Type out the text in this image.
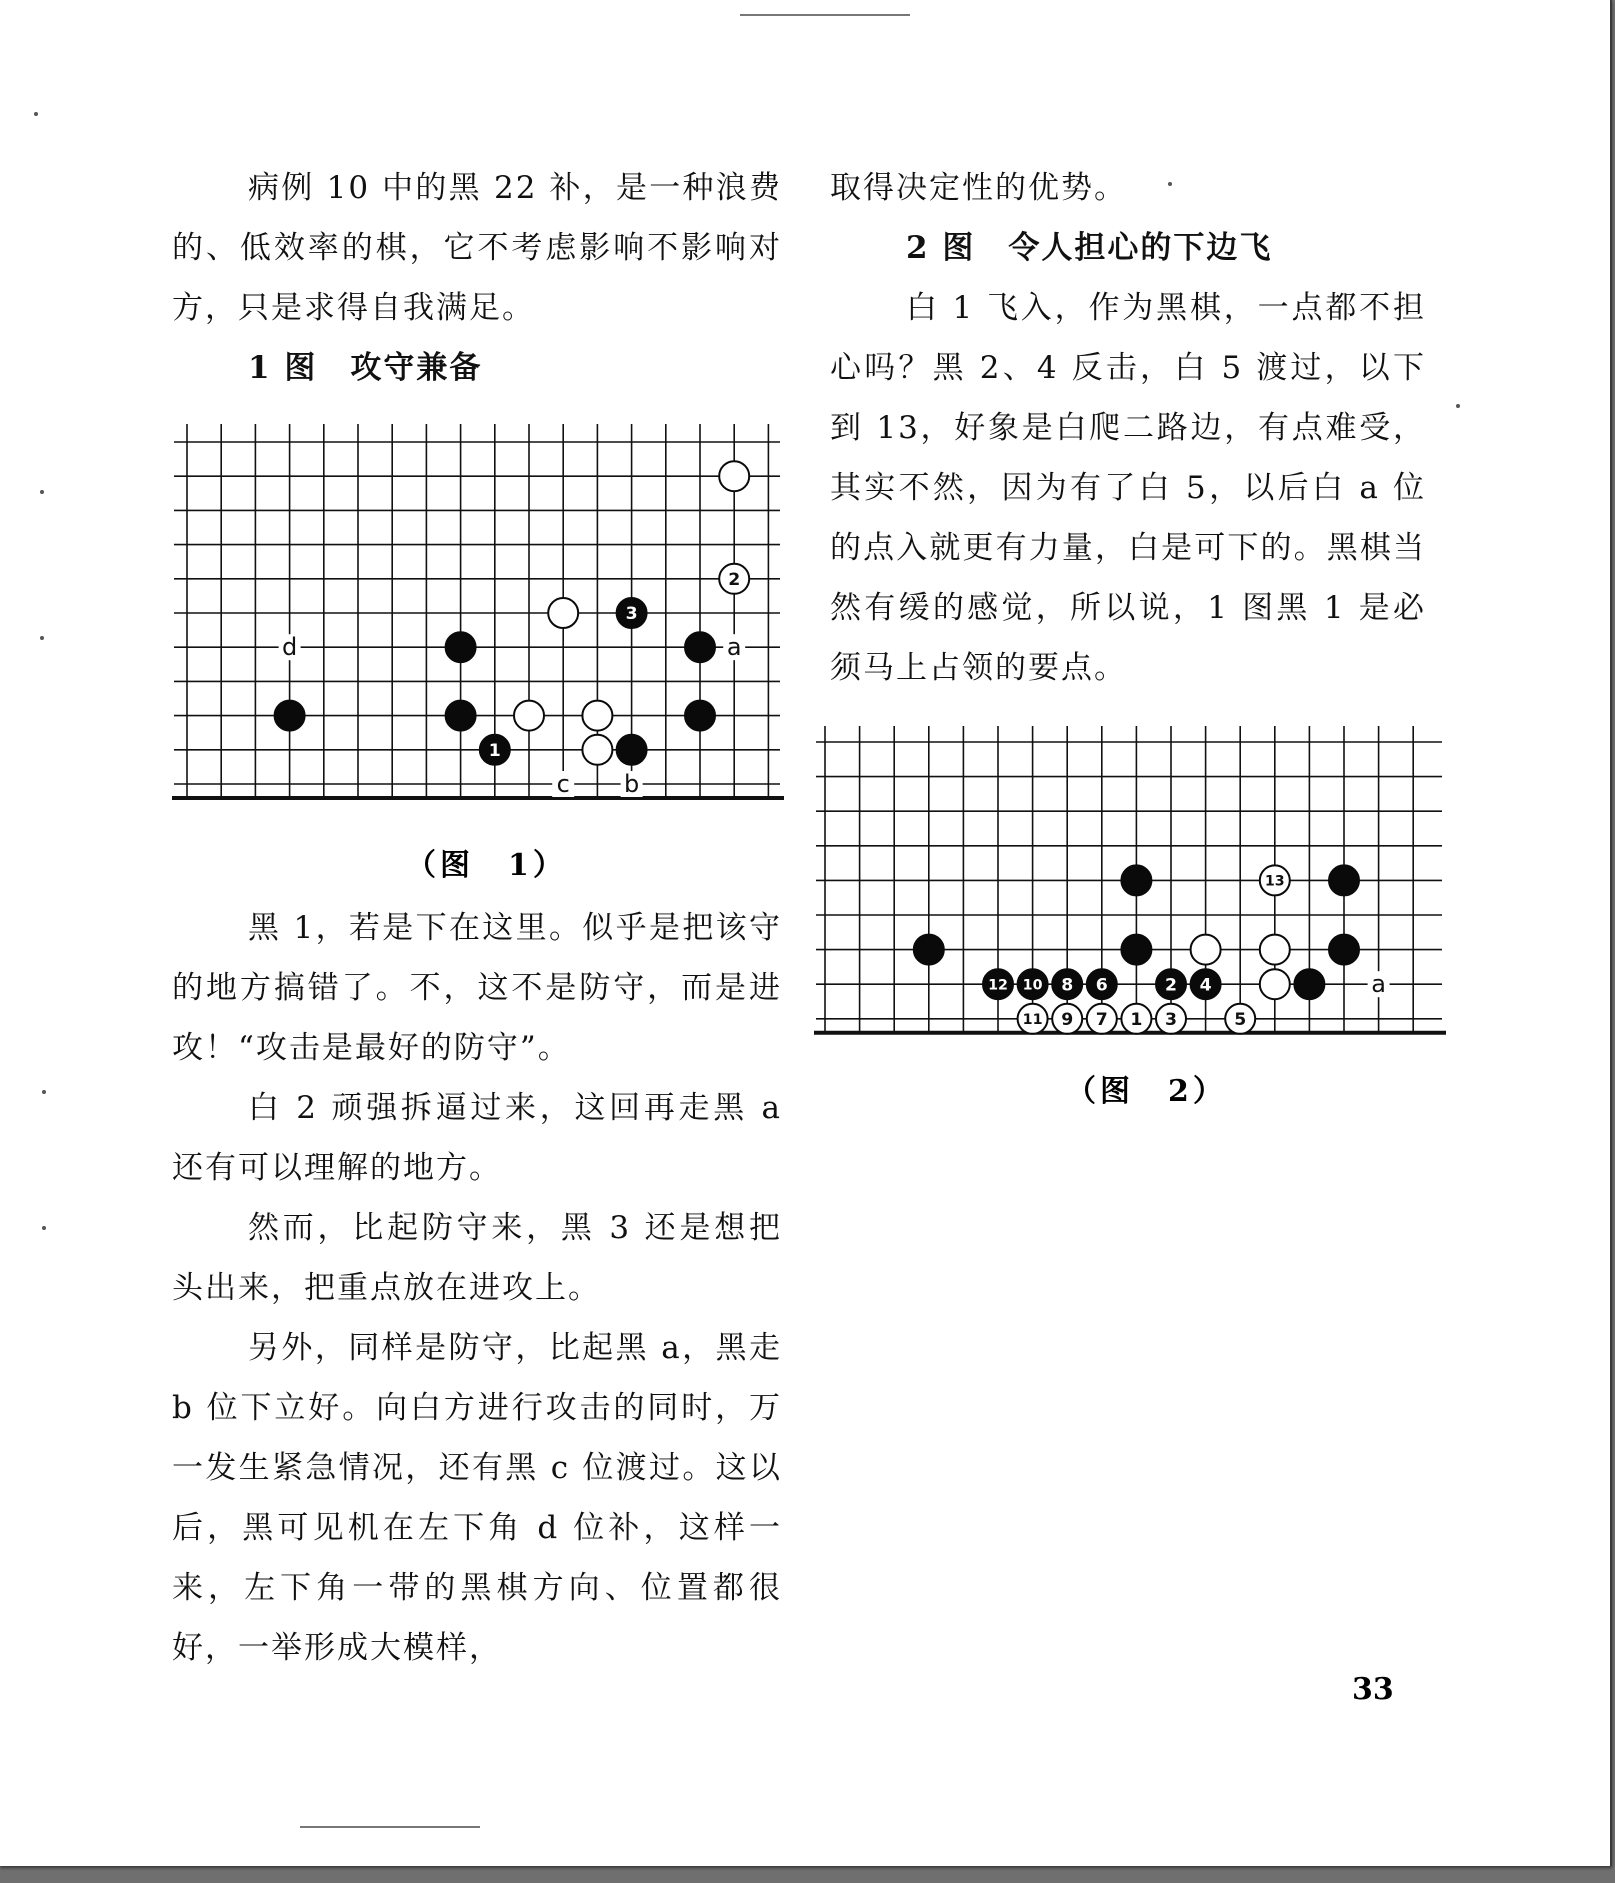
病例 10 中的黑 22 补，是一种浪费的、低效率的棋，它不考虑影响不影响对方，只是求得自我满足。

1 图　攻守兼备

d	a
c b
2
3
1
（图　1）

黑 1，若是下在这里。似乎是把该守的地方搞错了。不，这不是防守，而是进攻！“攻击是最好的防守”。

白 2 顽强拆逼过来，这回再走黑 a 还有可以理解的地方。

然而，比起防守来，黑 3 还是想把头出来，把重点放在进攻上。

另外，同样是防守，比起黑 a，黑走 b 位下立好。向白方进行攻击的同时，万一发生紧急情况，还有黑 c 位渡过。这以后，黑可见机在左下角 d 位补，这样一来，左下角一带的黑棋方向、位置都很好，一举形成大模样，

取得决定性的优势。

2 图　令人担心的下边飞

白 1 飞入，作为黑棋，一点都不担心吗？黑 2、4 反击，白 5 渡过，以下到 13，好象是白爬二路边，有点难受，其实不然，因为有了白 5，以后白 a 位的点入就更有力量，白是可下的。黑棋当然有缓的感觉，所以说，1 图黑 1 是必须马上占领的要点。

a
13
12 10 8 6	2 4
11 9 7 1 3	5
（图　2）
33
